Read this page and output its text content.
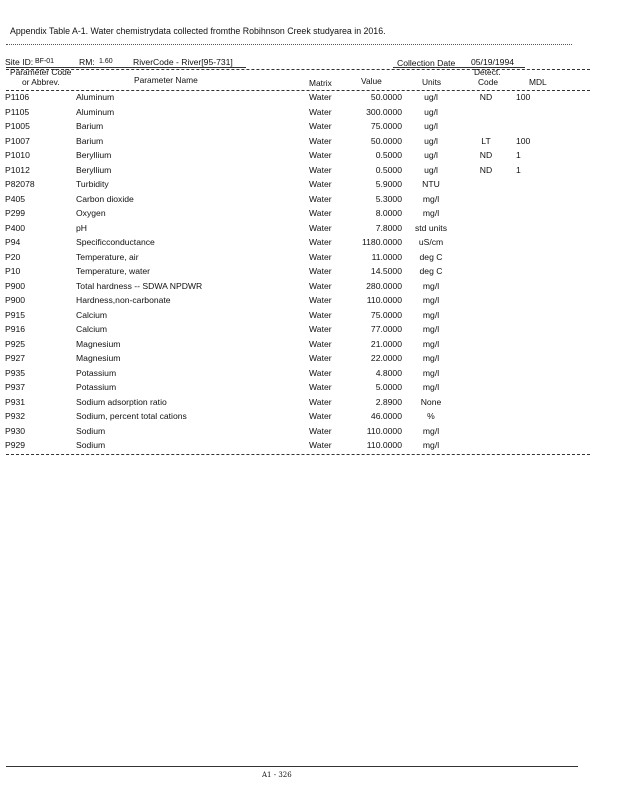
Appendix Table A-1. Water chemistrydata collected fromthe Robihnson Creek studyarea in 2016.
Site ID: BF-01	RM: 1.60 RiverCode - River[95-731]	Collection Date 05/19/1994
Parameter Code
or Abbrev.	Parameter Name	Matrix	Value	Units
Detect.
Code	MDL
P1106	Aluminum	Water	50.0000	ug/l	ND	100
P1105	Aluminum	Water	300.0000	ug/l
P1005	Barium	Water	75.0000	ug/l
P1007	Barium	Water	50.0000	ug/l	LT	100
P1010	Beryllium	Water	0.5000	ug/l	ND	1
P1012	Beryllium	Water	0.5000	ug/l	ND	1
P82078	Turbidity	Water	5.9000	NTU
P405	Carbon dioxide	Water	5.3000	mg/l
P299	Oxygen	Water	8.0000	mg/l
P400	pH	Water	7.8000	std units
P94	Specificconductance	Water	1180.0000	uS/cm
P20	Temperature, air	Water	11.0000	deg C
P10	Temperature, water	Water	14.5000	deg C
P900	Total hardness -- SDWA NPDWR	Water	280.0000	mg/l
P900	Hardness,non-carbonate	Water	110.0000	mg/l
P915	Calcium	Water	75.0000	mg/l
P916	Calcium	Water	77.0000	mg/l
P925	Magnesium	Water	21.0000	mg/l
P927	Magnesium	Water	22.0000	mg/l
P935	Potassium	Water	4.8000	mg/l
P937	Potassium	Water	5.0000	mg/l
P931	Sodium adsorption ratio	Water	2.8900	None
P932	Sodium, percent total cations	Water	46.0000	%
P930	Sodium	Water	110.0000	mg/l
P929	Sodium	Water	110.0000	mg/l
A1 - 326
